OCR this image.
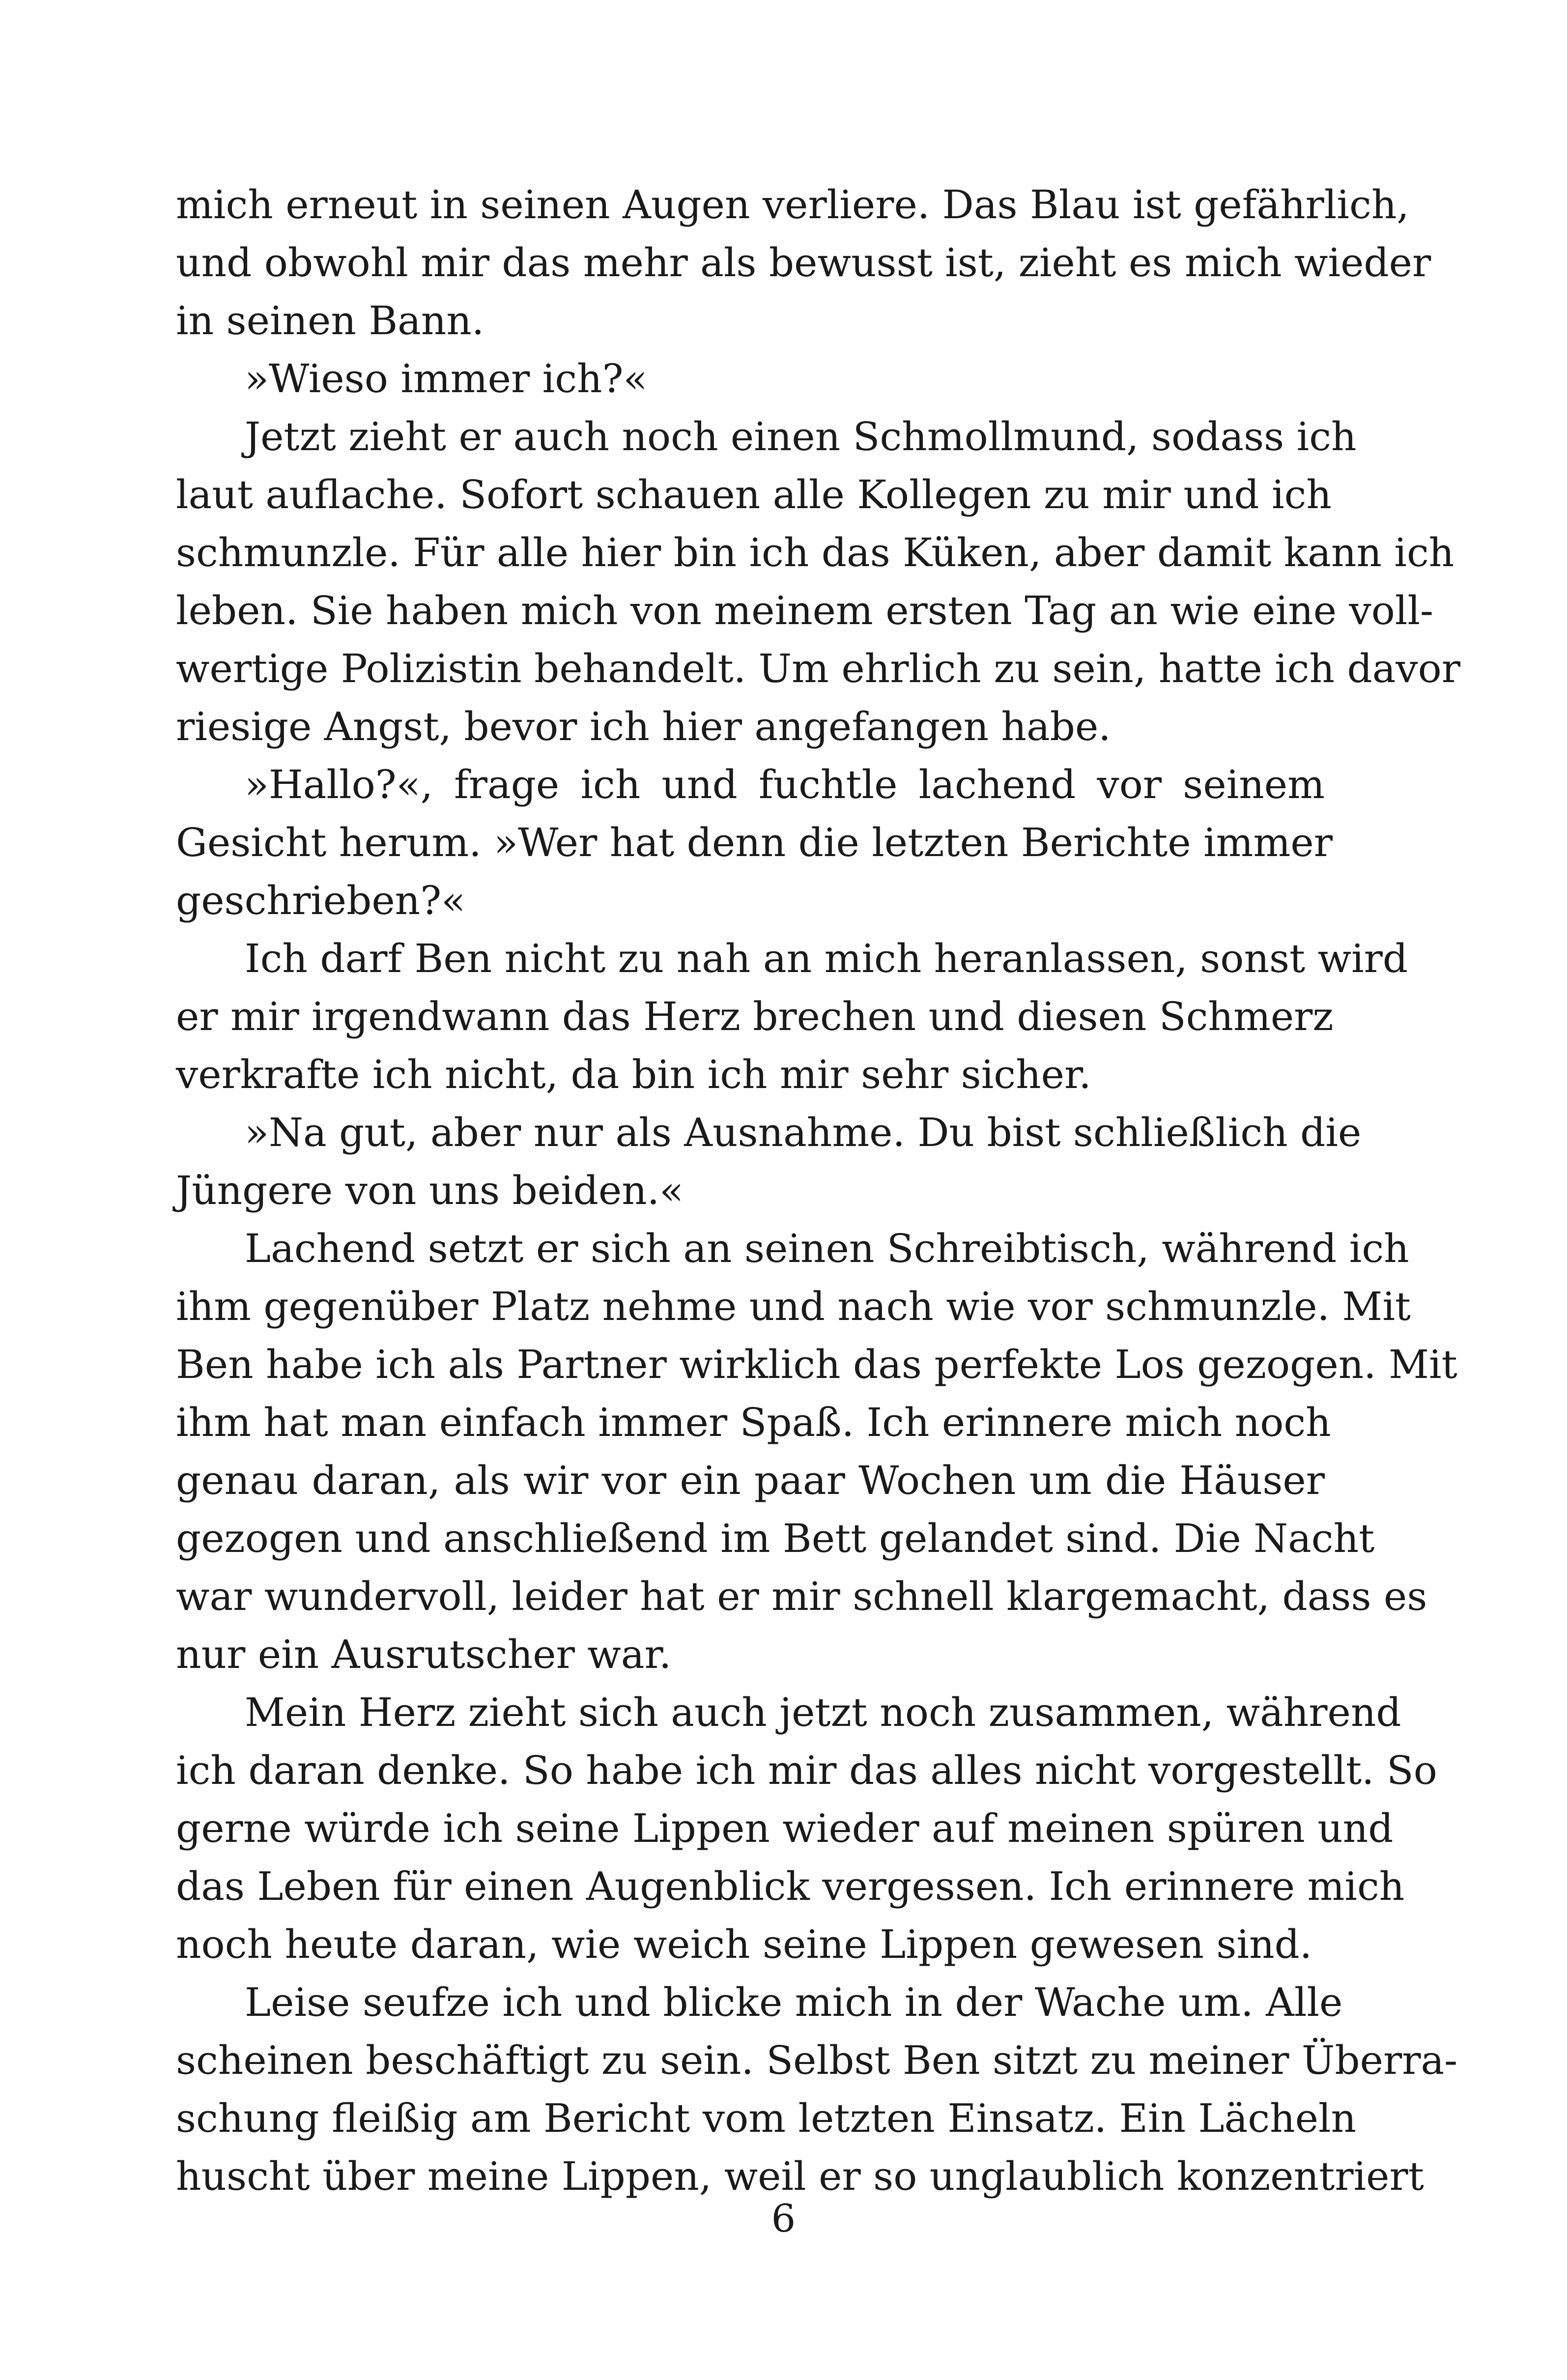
mich erneut in seinen Augen verliere. Das Blau ist gefährlich,
und obwohl mir das mehr als bewusst ist, zieht es mich wieder
in seinen Bann.
»Wieso immer ich?«
Jetzt zieht er auch noch einen Schmollmund, sodass ich
laut auflache. Sofort schauen alle Kollegen zu mir und ich
schmunzle. Für alle hier bin ich das Küken, aber damit kann ich
leben. Sie haben mich von meinem ersten Tag an wie eine voll-
wertige Polizistin behandelt. Um ehrlich zu sein, hatte ich davor
riesige Angst, bevor ich hier angefangen habe.
»Hallo?«, frage ich und fuchtle lachend vor seinem
Gesicht herum. »Wer hat denn die letzten Berichte immer
geschrieben?«
Ich darf Ben nicht zu nah an mich heranlassen, sonst wird
er mir irgendwann das Herz brechen und diesen Schmerz
verkrafte ich nicht, da bin ich mir sehr sicher.
»Na gut, aber nur als Ausnahme. Du bist schließlich die
Jüngere von uns beiden.«
Lachend setzt er sich an seinen Schreibtisch, während ich
ihm gegenüber Platz nehme und nach wie vor schmunzle. Mit
Ben habe ich als Partner wirklich das perfekte Los gezogen. Mit
ihm hat man einfach immer Spaß. Ich erinnere mich noch
genau daran, als wir vor ein paar Wochen um die Häuser
gezogen und anschließend im Bett gelandet sind. Die Nacht
war wundervoll, leider hat er mir schnell klargemacht, dass es
nur ein Ausrutscher war.
Mein Herz zieht sich auch jetzt noch zusammen, während
ich daran denke. So habe ich mir das alles nicht vorgestellt. So
gerne würde ich seine Lippen wieder auf meinen spüren und
das Leben für einen Augenblick vergessen. Ich erinnere mich
noch heute daran, wie weich seine Lippen gewesen sind.
Leise seufze ich und blicke mich in der Wache um. Alle
scheinen beschäftigt zu sein. Selbst Ben sitzt zu meiner Überra-
schung fleißig am Bericht vom letzten Einsatz. Ein Lächeln
huscht über meine Lippen, weil er so unglaublich konzentriert
6
